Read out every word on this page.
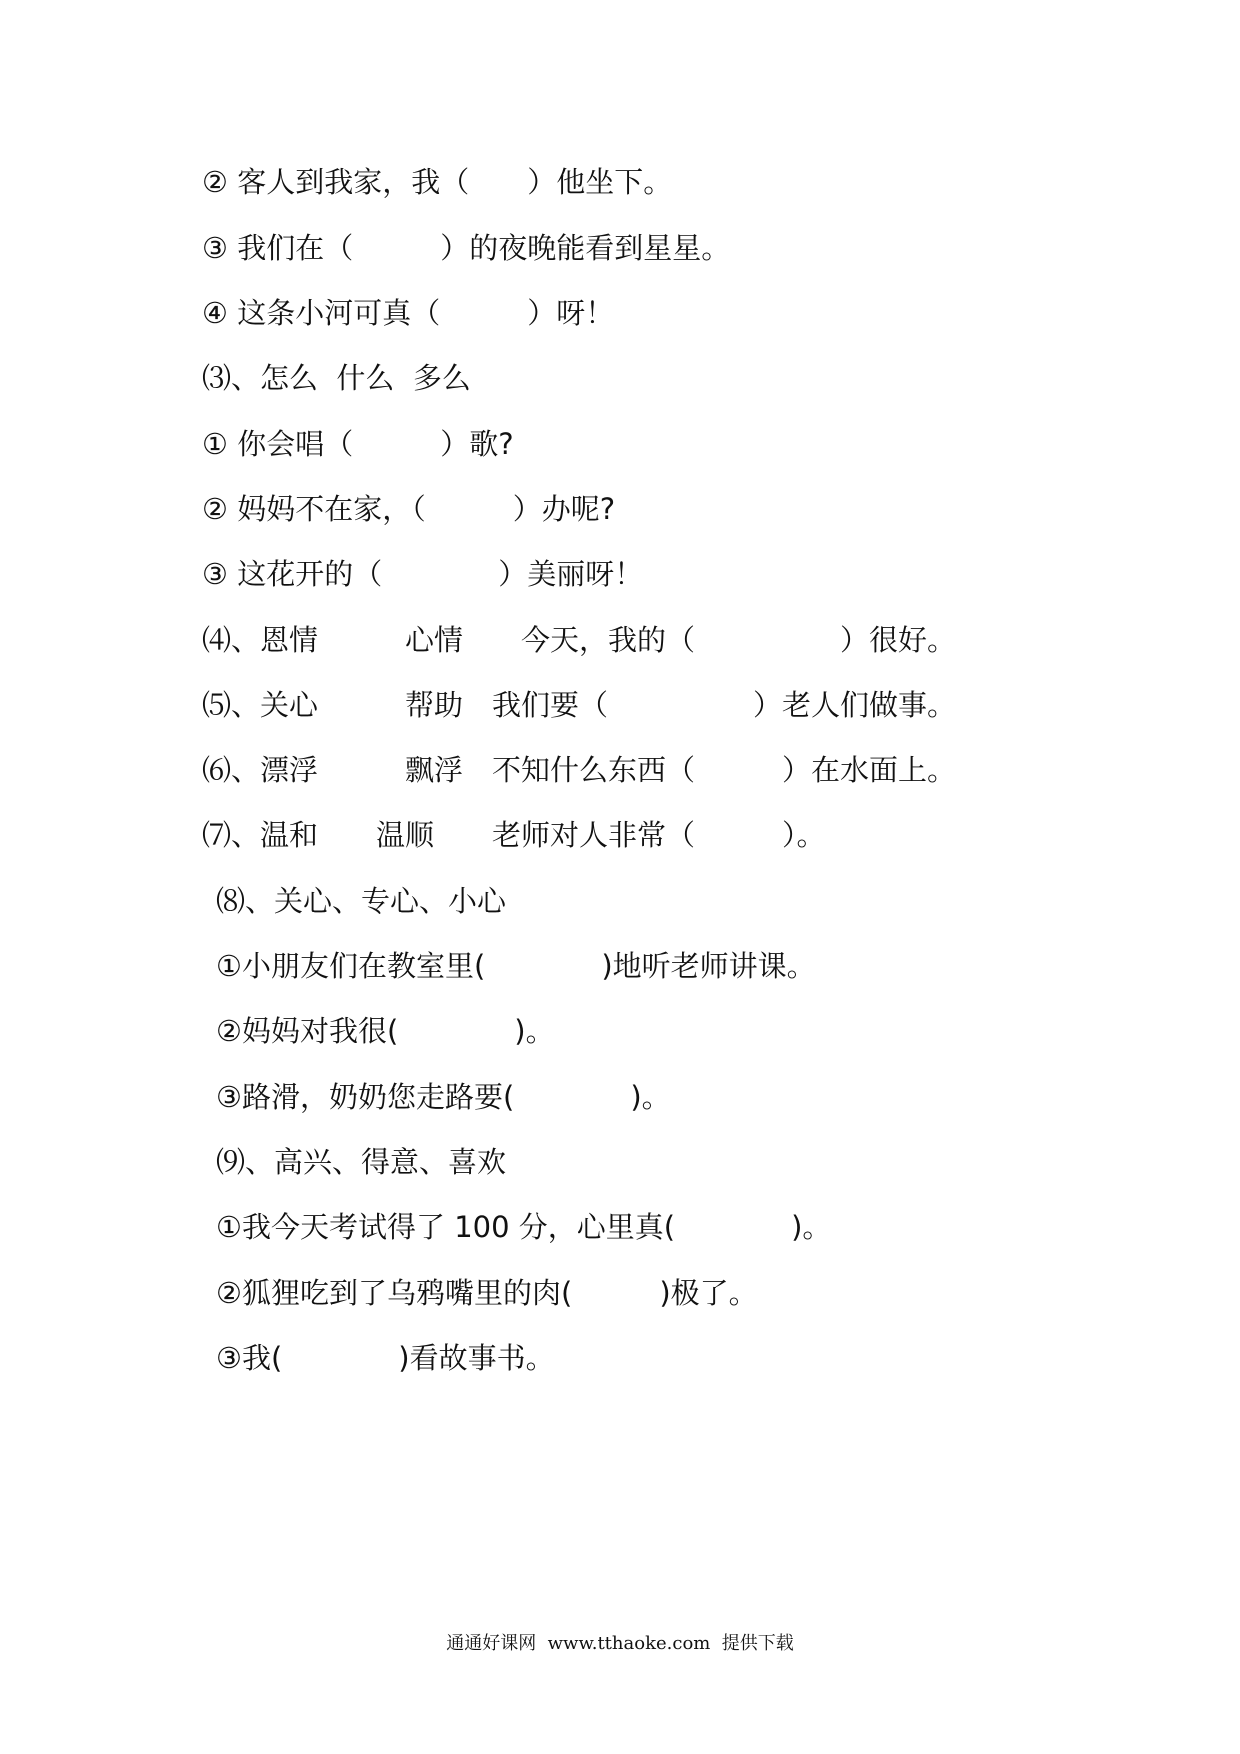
② 客人到我家，我（　　）他坐下。
③ 我们在（　　　）的夜晚能看到星星。
④ 这条小河可真（　　　）呀！
⑶、怎么  什么  多么
① 你会唱（　　　）歌?
② 妈妈不在家，（　　　）办呢?
③ 这花开的（　　　　）美丽呀！
⑷、恩情　　　心情　　今天，我的（　　　　　）很好。
⑸、关心　　　帮助　我们要（　　　　　）老人们做事。
⑹、漂浮　　　飘浮　不知什么东西（　　　）在水面上。
⑺、温和　　温顺　　老师对人非常（　　　）。
⑻、关心、专心、小心
①小朋友们在教室里(　　　　)地听老师讲课。
②妈妈对我很(　　　　)。
③路滑，奶奶您走路要(　　　　)。
⑼、高兴、得意、喜欢
①我今天考试得了 100 分，心里真(　　　　)。
②狐狸吃到了乌鸦嘴里的肉(　　　)极了。
③我(　　　　)看故事书。
通通好课网  www.tthaoke.com  提供下载
